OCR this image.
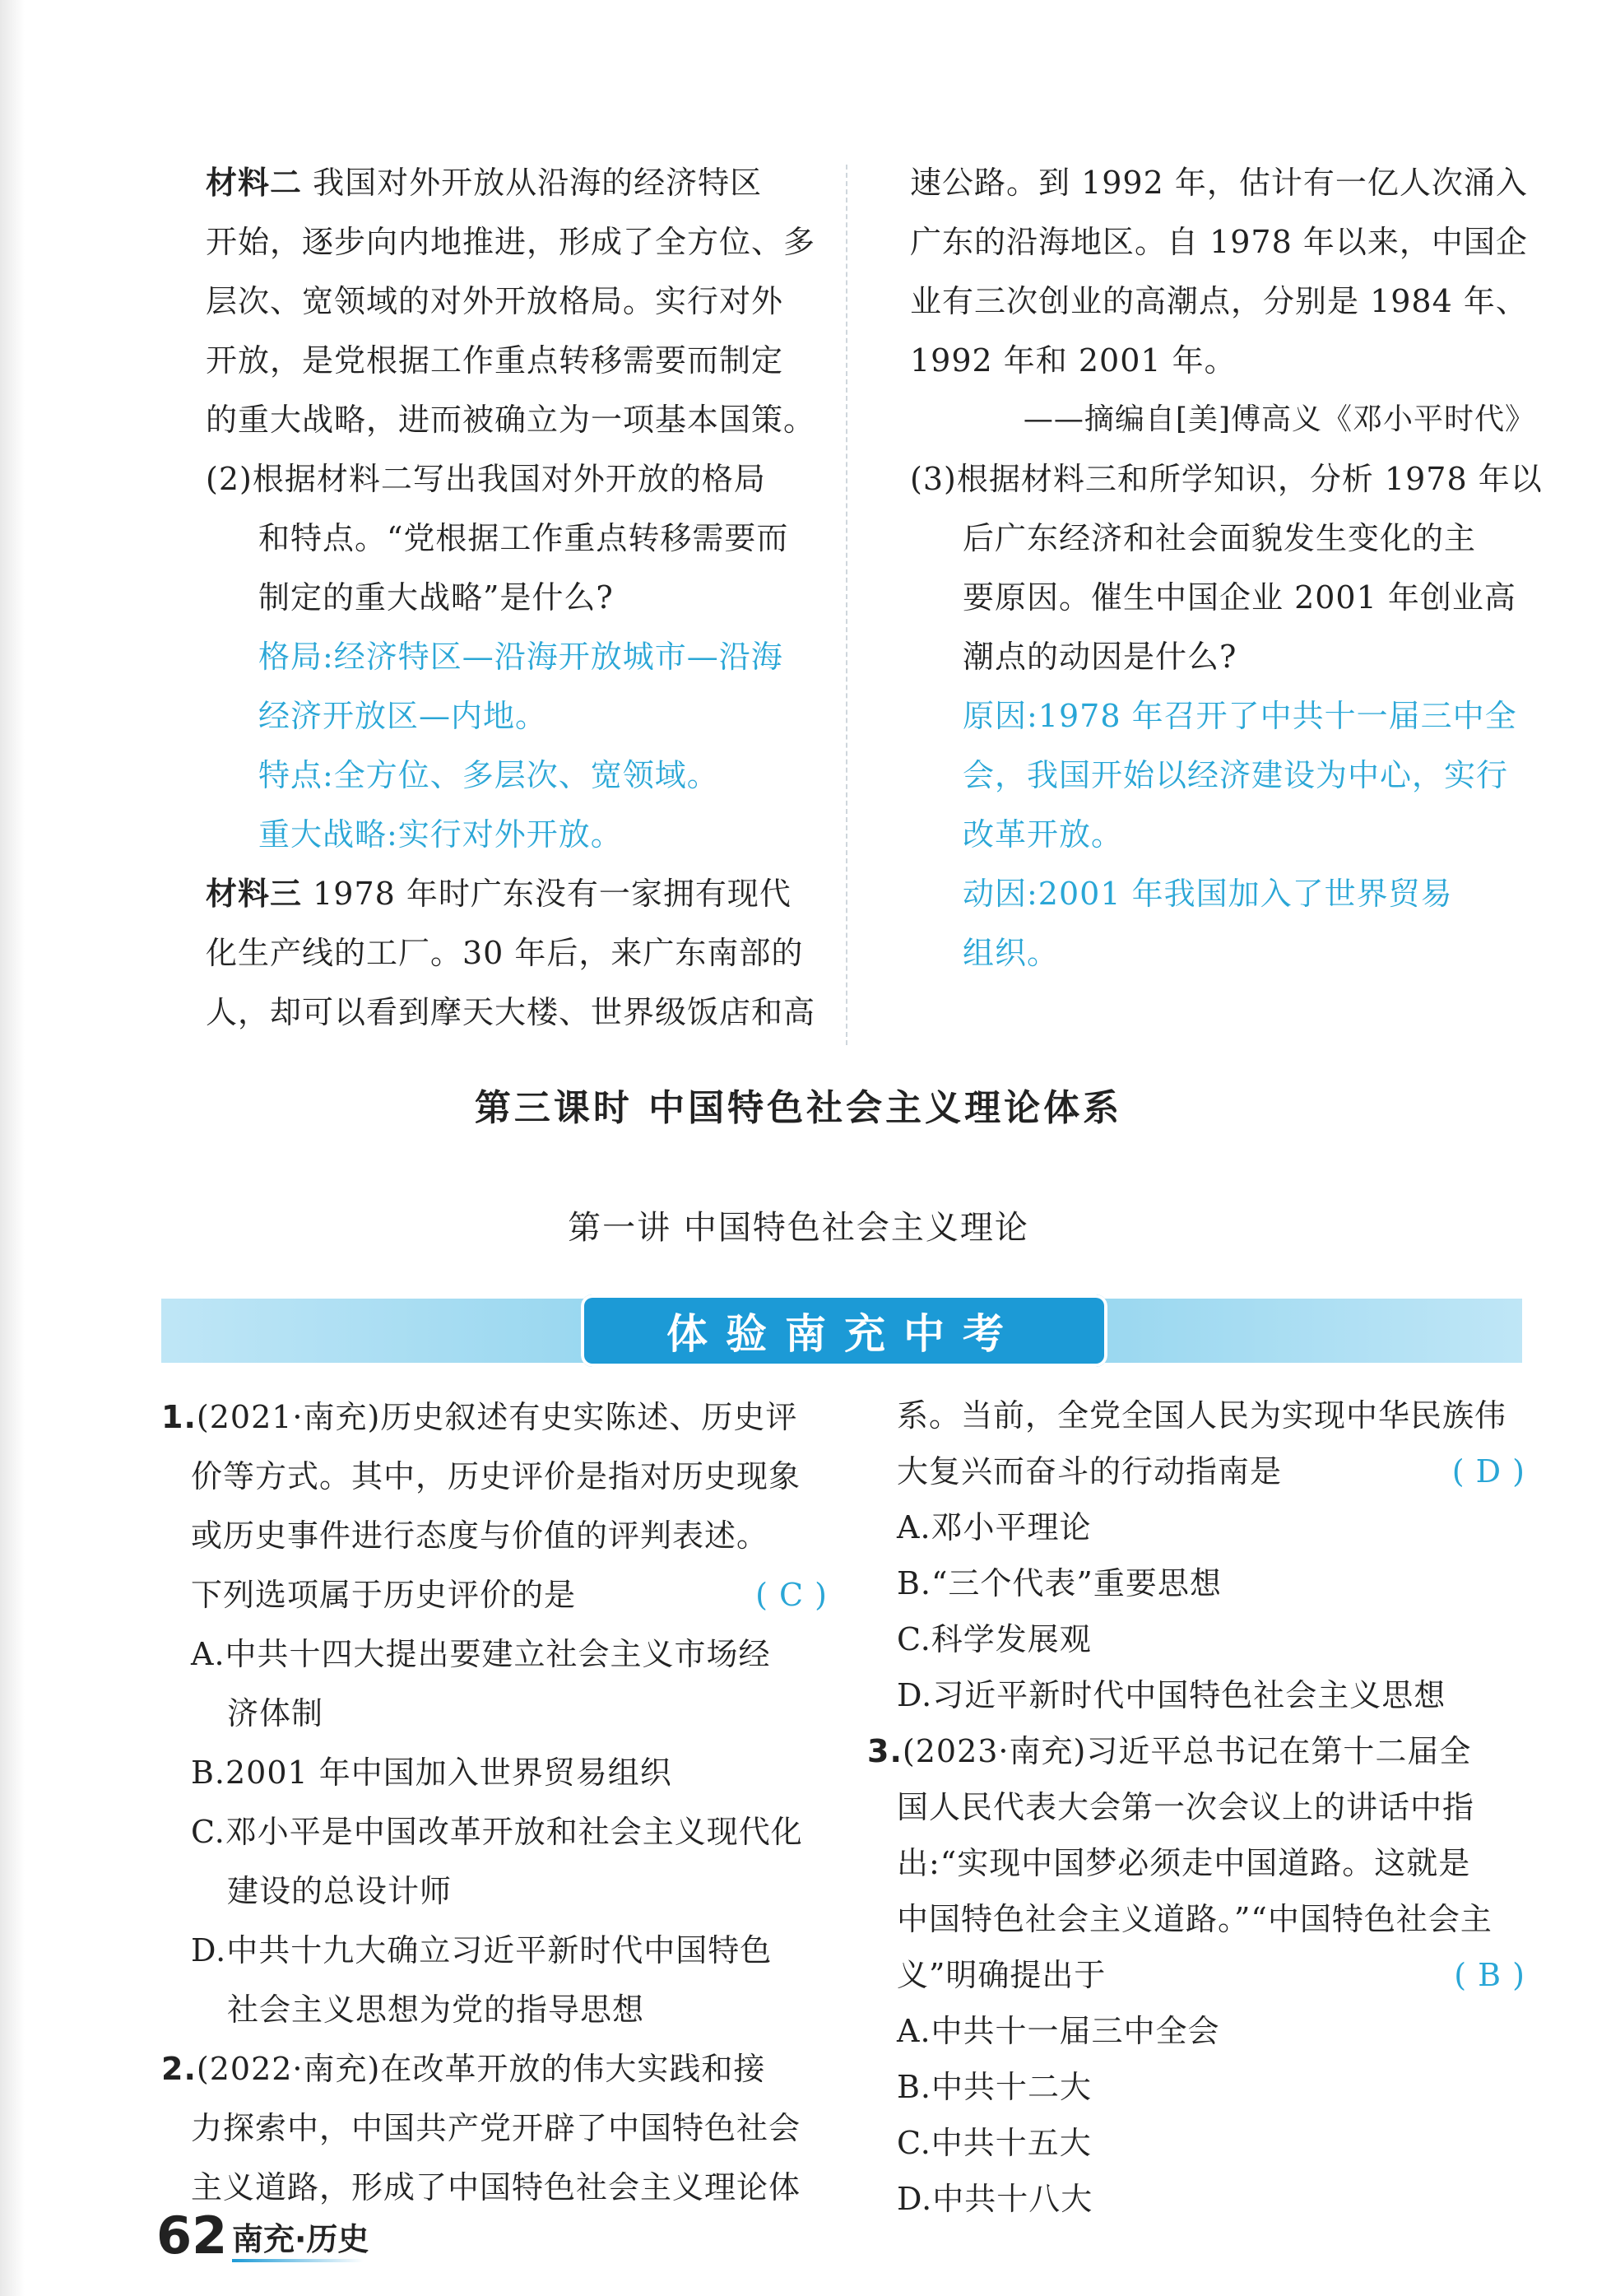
材料二 我国对外开放从沿海的经济特区
开始，逐步向内地推进，形成了全方位、多
层次、宽领域的对外开放格局。实行对外
开放，是党根据工作重点转移需要而制定
的重大战略，进而被确立为一项基本国策。
(2)根据材料二写出我国对外开放的格局
和特点。“党根据工作重点转移需要而
制定的重大战略”是什么?
格局:经济特区—沿海开放城市—沿海
经济开放区—内地。
特点:全方位、多层次、宽领域。
重大战略:实行对外开放。
材料三 1978 年时广东没有一家拥有现代
化生产线的工厂。30 年后，来广东南部的
人，却可以看到摩天大楼、世界级饭店和高
速公路。到 1992 年，估计有一亿人次涌入
广东的沿海地区。自 1978 年以来，中国企
业有三次创业的高潮点，分别是 1984 年、
1992 年和 2001 年。
——摘编自[美]傅高义《邓小平时代》
(3)根据材料三和所学知识，分析 1978 年以
后广东经济和社会面貌发生变化的主
要原因。催生中国企业 2001 年创业高
潮点的动因是什么?
原因:1978 年召开了中共十一届三中全
会，我国开始以经济建设为中心，实行
改革开放。
动因:2001 年我国加入了世界贸易
组织。
第三课时 中国特色社会主义理论体系
第一讲 中国特色社会主义理论
体验南充中考
1.(2021·南充)历史叙述有史实陈述、历史评
价等方式。其中，历史评价是指对历史现象
或历史事件进行态度与价值的评判表述。
下列选项属于历史评价的是	( C )
A.中共十四大提出要建立社会主义市场经
济体制
B.2001 年中国加入世界贸易组织
C.邓小平是中国改革开放和社会主义现代化
建设的总设计师
D.中共十九大确立习近平新时代中国特色
社会主义思想为党的指导思想
2.(2022·南充)在改革开放的伟大实践和接
力探索中，中国共产党开辟了中国特色社会
主义道路，形成了中国特色社会主义理论体
系。当前，全党全国人民为实现中华民族伟
大复兴而奋斗的行动指南是	( D )
A.邓小平理论
B.“三个代表”重要思想
C.科学发展观
D.习近平新时代中国特色社会主义思想
3.(2023·南充)习近平总书记在第十二届全
国人民代表大会第一次会议上的讲话中指
出:“实现中国梦必须走中国道路。这就是
中国特色社会主义道路。”“中国特色社会主
义”明确提出于	( B )
A.中共十一届三中全会
B.中共十二大
C.中共十五大
D.中共十八大
62 南充·历史
